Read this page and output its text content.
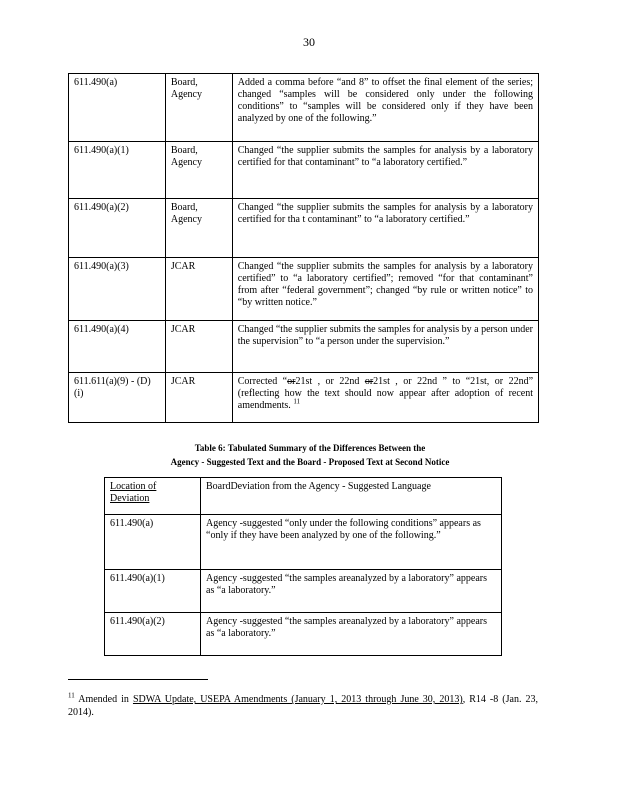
30
611.490(a)	Board, Agency	Added a comma before “and 8” to offset the final element of the series; changed “samples will be considered only under the following conditions” to “samples will be considered only if they have been analyzed by one of the following.”
611.490(a)(1)	Board, Agency	Changed “the supplier submits the samples for analysis by a laboratory certified for that contaminant” to “a laboratory certified.”
611.490(a)(2)	Board, Agency	Changed “the supplier submits the samples for analysis by a laboratory certified for tha t contaminant” to “a laboratory certified.”
611.490(a)(3)	JCAR	Changed “the supplier submits the samples for analysis by a laboratory certified” to “a laboratory certified”; removed “for that contaminant” from after “federal government”; changed “by rule or written notice” to “by written notice.”
611.490(a)(4)	JCAR	Changed “the supplier submits the samples for analysis by a person under the supervision” to “a person under the supervision.”
611.611(a)(9) - (D)(i)	JCAR	Corrected “or21st , or 22nd or21st , or 22nd ” to “21st, or 22nd” (reflecting how the text should now appear after adoption of recent amendments. $^{11}$
Table 6: Tabulated Summary of the Differences Between the
Agency - Suggested Text and the Board - Proposed Text at Second Notice
Location of Deviation	BoardDeviation from the Agency - Suggested Language
611.490(a)	Agency -suggested “only under the following conditions” appears as “only if they have been analyzed by one of the following.”
611.490(a)(1)	Agency -suggested “the samples areanalyzed by a laboratory” appears as “a laboratory.”
611.490(a)(2)	Agency -suggested “the samples areanalyzed by a laboratory” appears as “a laboratory.”
$^{11}$ Amended in SDWA Update, USEPA Amendments (January 1, 2013 through June 30, 2013), R14 -8 (Jan. 23, 2014).
